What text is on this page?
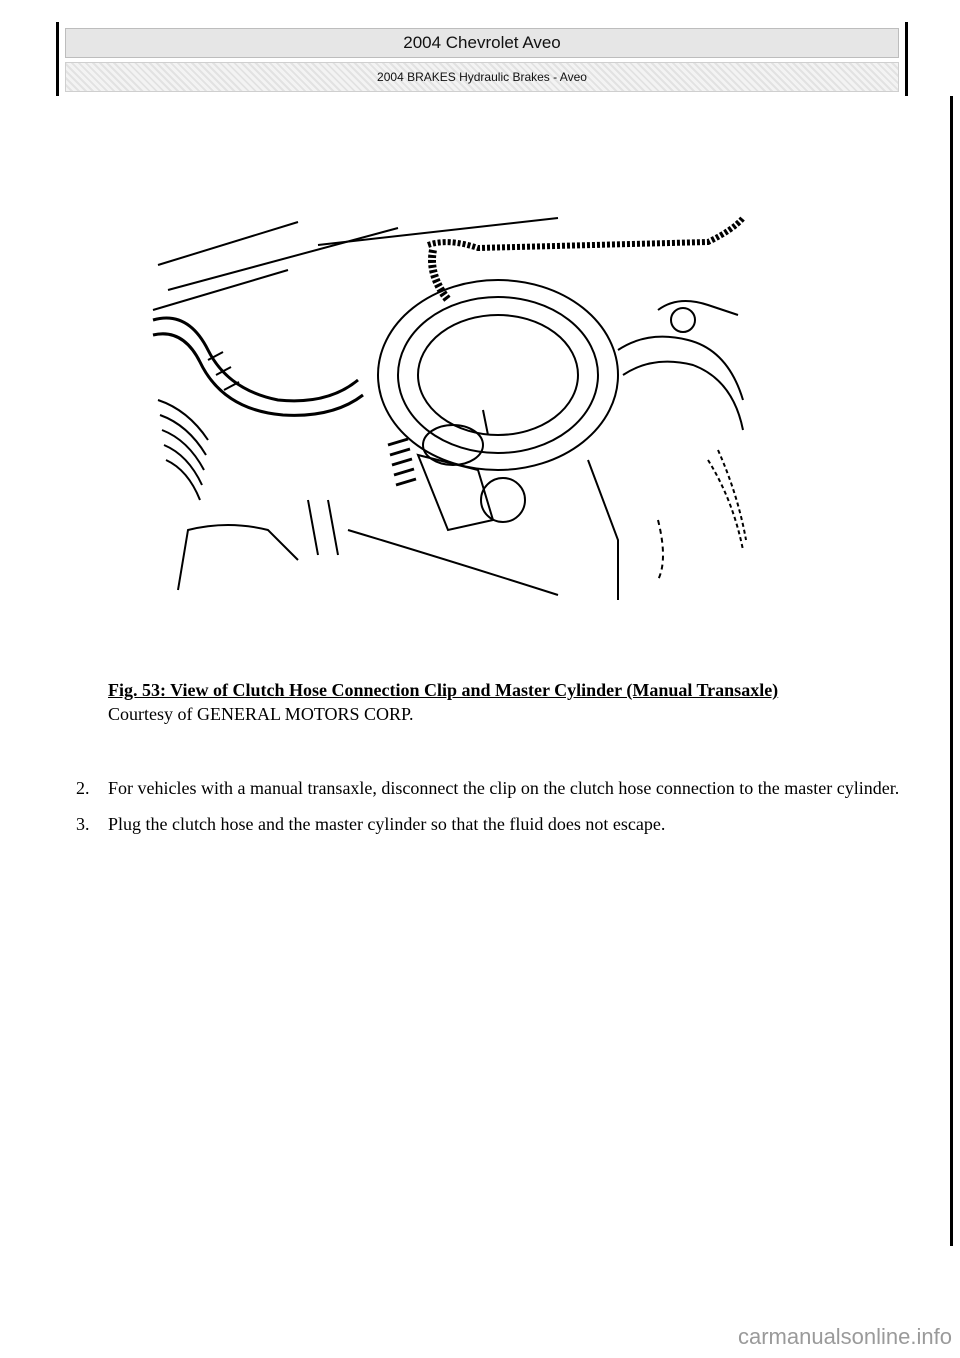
2004 Chevrolet Aveo
2004 BRAKES Hydraulic Brakes - Aveo
Fig. 53: View of Clutch Hose Connection Clip and Master Cylinder (Manual Transaxle)
Courtesy of GENERAL MOTORS CORP.
2.	For vehicles with a manual transaxle, disconnect the clip on the clutch hose connection to the master cylinder.
3.	Plug the clutch hose and the master cylinder so that the fluid does not escape.
carmanualsonline.info
